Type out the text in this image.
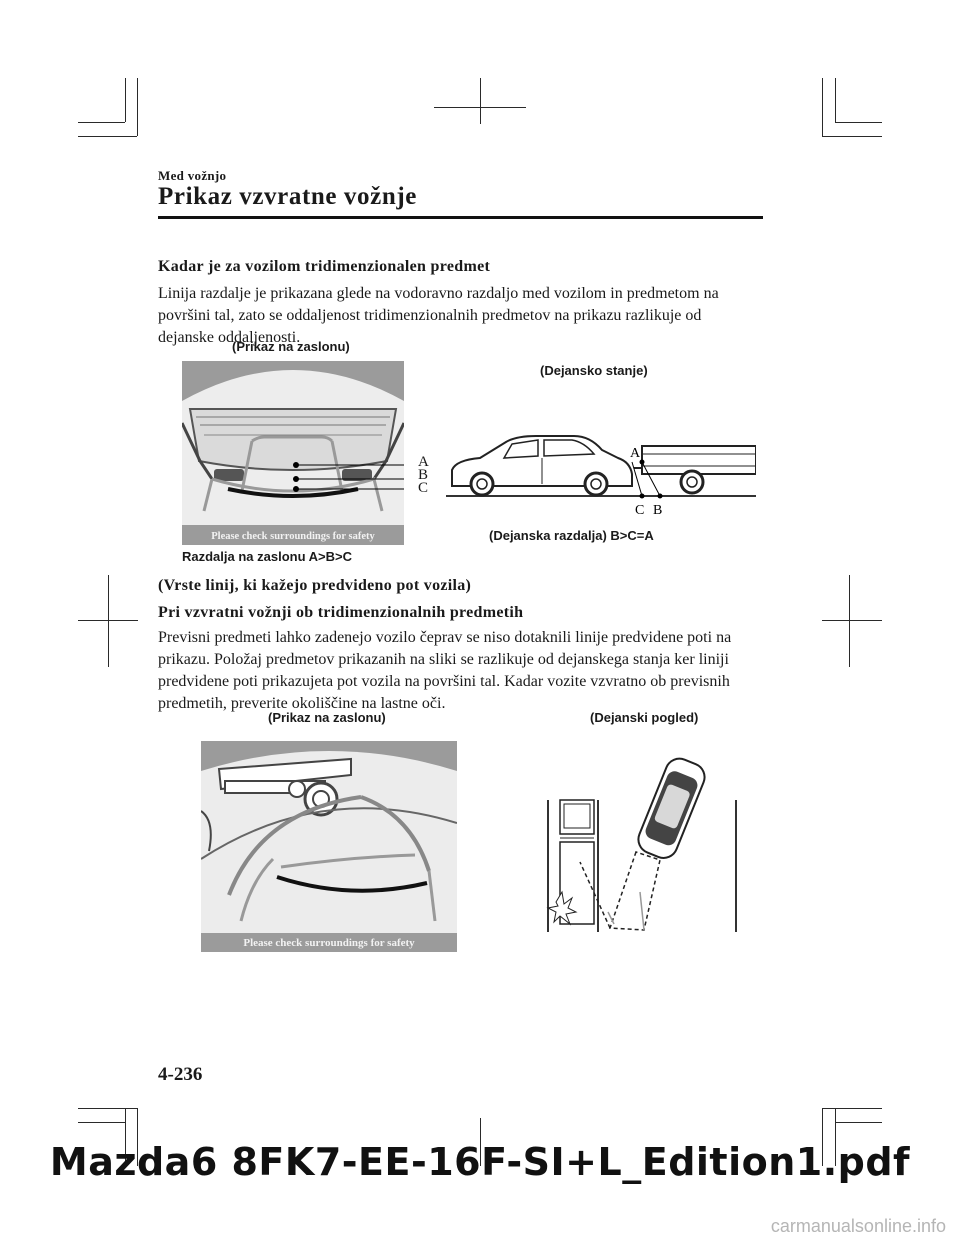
Med vožnjo
Prikaz vzvratne vožnje
Kadar je za vozilom tridimenzionalen predmet
Linija razdalje je prikazana glede na vodoravno razdaljo med vozilom in predmetom na
površini tal, zato se oddaljenost tridimenzionalnih predmetov na prikazu razlikuje od
dejanske oddaljenosti.
(Prikaz na zaslonu)
(Dejansko stanje)
Please check surroundings for safety
A
B
C
A
C B
(Dejanska razdalja) B>C=A
Razdalja na zaslonu A>B>C
(Vrste linij, ki kažejo predvideno pot vozila)
Pri vzvratni vožnji ob tridimenzionalnih predmetih
Previsni predmeti lahko zadenejo vozilo čeprav se niso dotaknili linije predvidene poti na
prikazu. Položaj predmetov prikazanih na sliki se razlikuje od dejanskega stanja ker liniji
predvidene poti prikazujeta pot vozila na površini tal. Kadar vozite vzvratno ob previsnih
predmetih, preverite okoliščine na lastne oči.
(Prikaz na zaslonu)	(Dejanski pogled)
Please check surroundings for safety
4-236
Mazda6 8FK7-EE-16F-SI+L_Edition1.pdf
carmanualsonline.info
